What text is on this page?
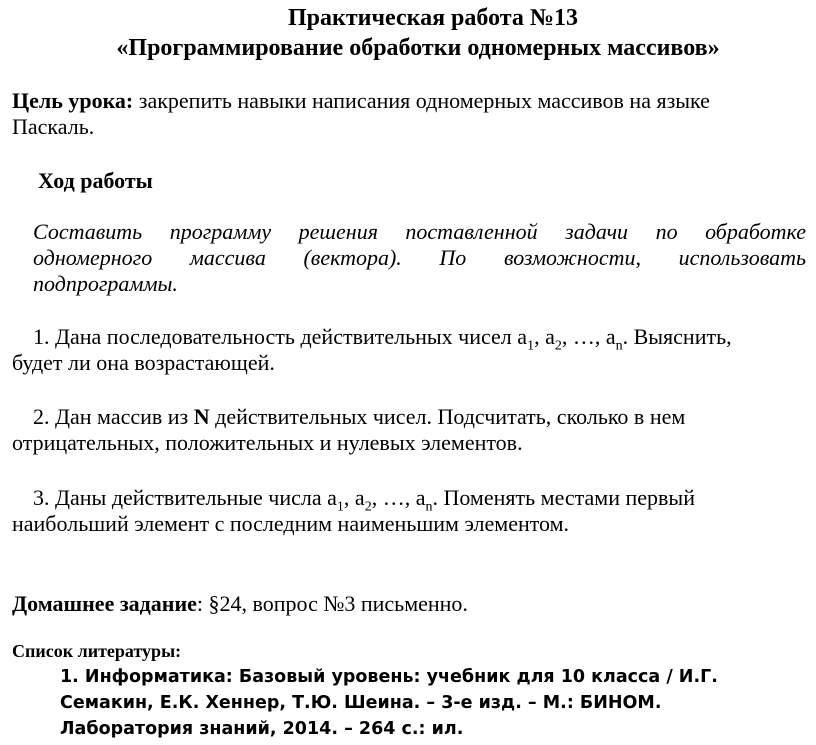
Практическая работа №13
«Программирование обработки одномерных массивов»
Цель урока: закрепить навыки написания одномерных массивов на языке
Паскаль.
Ход работы
Составить программу решения поставленной задачи по обработке
одномерного массива (вектора). По возможности, использовать
подпрограммы.
1. Дана последовательность действительных чисел $a_1$, $a_2$, …, $a_n$. Выяснить,
будет ли она возрастающей.
2. Дан массив из N действительных чисел. Подсчитать, сколько в нем
отрицательных, положительных и нулевых элементов.
3. Даны действительные числа $a_1$, $a_2$, …, $a_n$. Поменять местами первый
наибольший элемент с последним наименьшим элементом.
Домашнее задание: §24, вопрос №3 письменно.
Список литературы:
1. Информатика: Базовый уровень: учебник для 10 класса / И.Г.
Семакин, Е.К. Хеннер, Т.Ю. Шеина. – 3-е изд. – М.: БИНОМ.
Лаборатория знаний, 2014. – 264 с.: ил.
